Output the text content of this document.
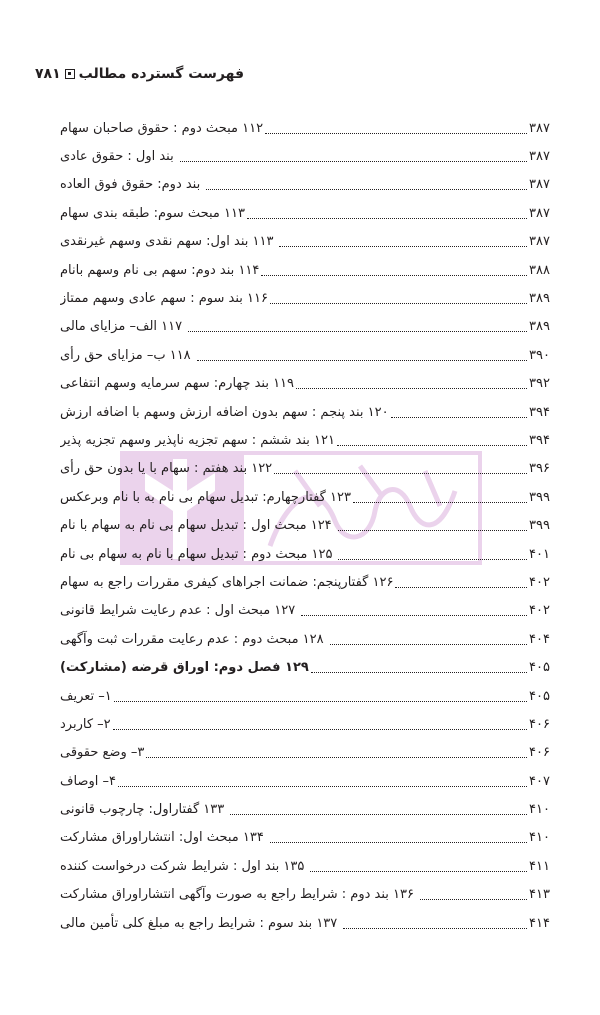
فهرست گسترده مطالب
۷۸۱
۱۱۲ مبحث دوم : حقوق صاحبان سهام	۳۸۷
بند اول : حقوق عادی	۳۸۷
بند دوم: حقوق فوق العاده	۳۸۷
۱۱۳ مبحث سوم: طبقه بندی سهام	۳۸۷
۱۱۳ بند اول: سهم نقدی وسهم غیرنقدی	۳۸۷
۱۱۴ بند دوم: سهم بی نام وسهم بانام	۳۸۸
۱۱۶ بند سوم : سهم عادی وسهم ممتاز	۳۸۹
۱۱۷ الف– مزایای مالی	۳۸۹
۱۱۸ ب– مزایای حق رأی	۳۹۰
۱۱۹ بند چهارم: سهم سرمایه وسهم انتفاعی	۳۹۲
۱۲۰ بند پنجم : سهم بدون اضافه ارزش وسهم با اضافه ارزش	۳۹۴
۱۲۱ بند ششم : سهم تجزیه ناپذیر وسهم تجزیه پذیر	۳۹۴
۱۲۲ بند هفتم : سهام با یا بدون حق رأی	۳۹۶
۱۲۳ گفتارچهارم: تبدیل سهام بی نام به با نام وبرعکس	۳۹۹
۱۲۴ مبحث اول : تبدیل سهام بی نام به سهام با نام	۳۹۹
۱۲۵ مبحث دوم : تبدیل سهام با نام به سهام بی نام	۴۰۱
۱۲۶ گفتارپنجم: ضمانت اجراهای کیفری مقررات راجع به سهام	۴۰۲
۱۲۷ مبحث اول : عدم رعایت شرایط قانونی	۴۰۲
۱۲۸ مبحث دوم : عدم رعایت مقررات ثبت وآگهی	۴۰۴
۱۲۹ فصل دوم: اوراق قرضه (مشارکت)	۴۰۵
۱– تعریف	۴۰۵
۲– کاربرد	۴۰۶
۳– وضع حقوقی	۴۰۶
۴– اوصاف	۴۰۷
۱۳۳ گفتاراول: چارچوب قانونی	۴۱۰
۱۳۴ مبحث اول: انتشاراوراق مشارکت	۴۱۰
۱۳۵ بند اول : شرایط شرکت درخواست کننده	۴۱۱
۱۳۶ بند دوم : شرایط راجع به صورت وآگهی انتشاراوراق مشارکت	۴۱۳
۱۳۷ بند سوم : شرایط راجع به مبلغ کلی تأمین مالی	۴۱۴
